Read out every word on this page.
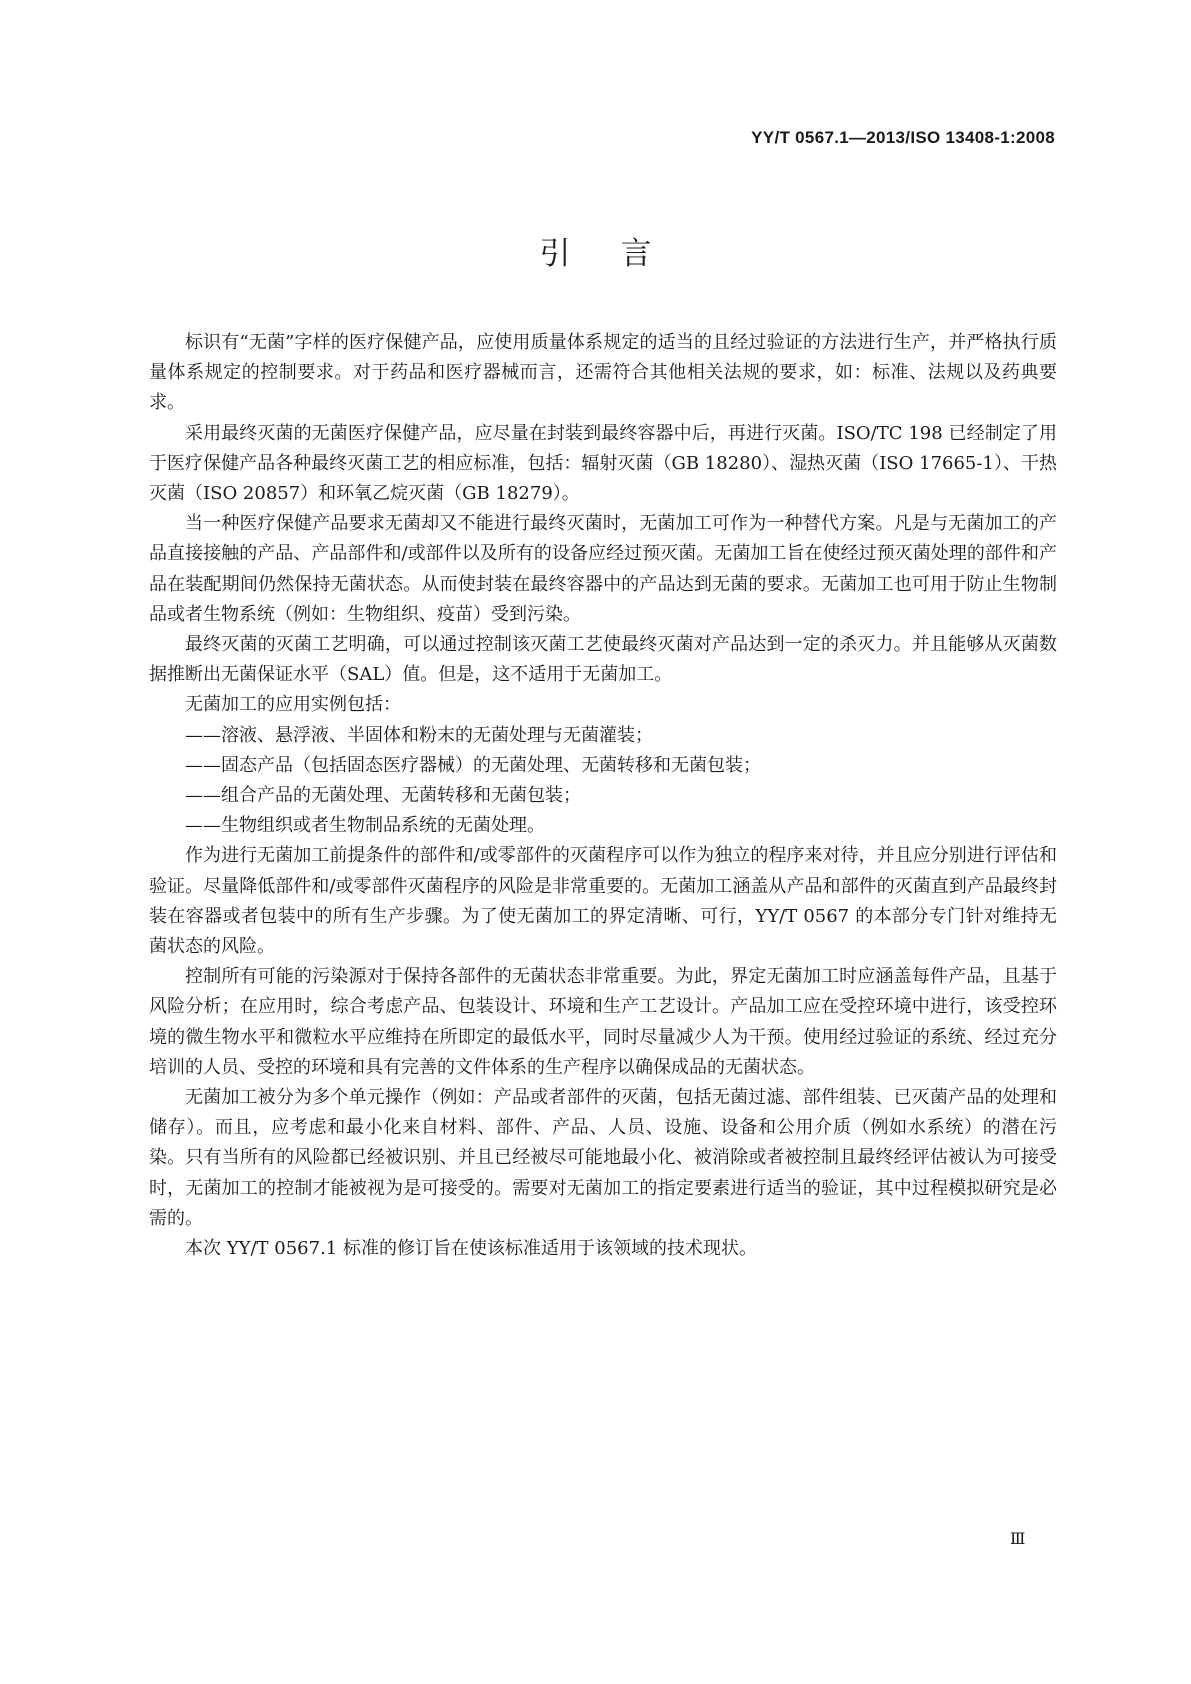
YY/T 0567.1—2013/ISO 13408-1:2008
引言

标识有“无菌”字样的医疗保健产品，应使用质量体系规定的适当的且经过验证的方法进行生产，并严格执行质量体系规定的控制要求。对于药品和医疗器械而言，还需符合其他相关法规的要求，如：标准、法规以及药典要求。

采用最终灭菌的无菌医疗保健产品，应尽量在封装到最终容器中后，再进行灭菌。ISO/TC 198 已经制定了用于医疗保健产品各种最终灭菌工艺的相应标准，包括：辐射灭菌（GB 18280）、湿热灭菌（ISO 17665-1）、干热灭菌（ISO 20857）和环氧乙烷灭菌（GB 18279）。

当一种医疗保健产品要求无菌却又不能进行最终灭菌时，无菌加工可作为一种替代方案。凡是与无菌加工的产品直接接触的产品、产品部件和/或部件以及所有的设备应经过预灭菌。无菌加工旨在使经过预灭菌处理的部件和产品在装配期间仍然保持无菌状态。从而使封装在最终容器中的产品达到无菌的要求。无菌加工也可用于防止生物制品或者生物系统（例如：生物组织、疫苗）受到污染。

最终灭菌的灭菌工艺明确，可以通过控制该灭菌工艺使最终灭菌对产品达到一定的杀灭力。并且能够从灭菌数据推断出无菌保证水平（SAL）值。但是，这不适用于无菌加工。

无菌加工的应用实例包括：

——溶液、悬浮液、半固体和粉末的无菌处理与无菌灌装；

——固态产品（包括固态医疗器械）的无菌处理、无菌转移和无菌包装；

——组合产品的无菌处理、无菌转移和无菌包装；

——生物组织或者生物制品系统的无菌处理。

作为进行无菌加工前提条件的部件和/或零部件的灭菌程序可以作为独立的程序来对待，并且应分别进行评估和验证。尽量降低部件和/或零部件灭菌程序的风险是非常重要的。无菌加工涵盖从产品和部件的灭菌直到产品最终封装在容器或者包装中的所有生产步骤。为了使无菌加工的界定清晰、可行，YY/T 0567 的本部分专门针对维持无菌状态的风险。

控制所有可能的污染源对于保持各部件的无菌状态非常重要。为此，界定无菌加工时应涵盖每件产品，且基于风险分析；在应用时，综合考虑产品、包装设计、环境和生产工艺设计。产品加工应在受控环境中进行，该受控环境的微生物水平和微粒水平应维持在所即定的最低水平，同时尽量减少人为干预。使用经过验证的系统、经过充分培训的人员、受控的环境和具有完善的文件体系的生产程序以确保成品的无菌状态。

无菌加工被分为多个单元操作（例如：产品或者部件的灭菌，包括无菌过滤、部件组装、已灭菌产品的处理和储存）。而且，应考虑和最小化来自材料、部件、产品、人员、设施、设备和公用介质（例如水系统）的潜在污染。只有当所有的风险都已经被识别、并且已经被尽可能地最小化、被消除或者被控制且最终经评估被认为可接受时，无菌加工的控制才能被视为是可接受的。需要对无菌加工的指定要素进行适当的验证，其中过程模拟研究是必需的。

本次 YY/T 0567.1 标准的修订旨在使该标准适用于该领域的技术现状。

Ⅲ
